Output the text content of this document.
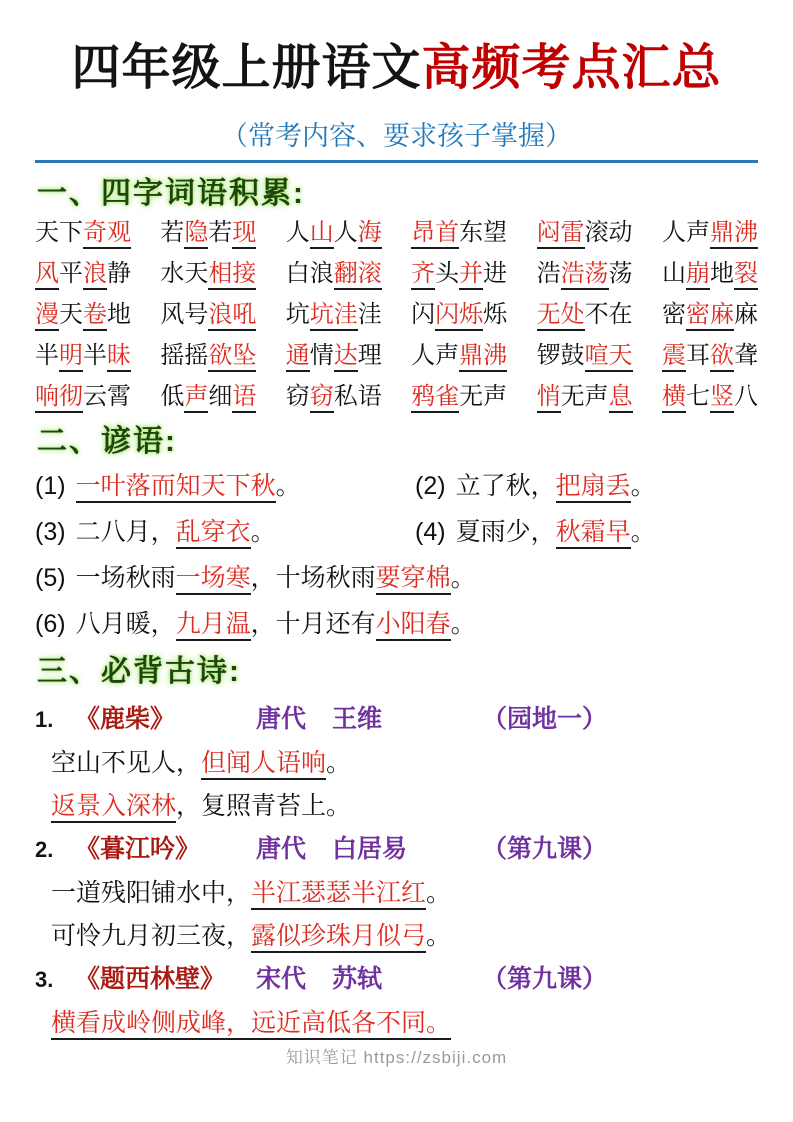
四年级上册语文高频考点汇总
（常考内容、要求孩子掌握）
一、四字词语积累:
天下奇观 若隐若现 人山人海 昂首东望 闷雷滚动 人声鼎沸
风平浪静 水天相接 白浪翻滚 齐头并进 浩浩荡荡 山崩地裂
漫天卷地 风号浪吼 坑坑洼洼 闪闪烁烁 无处不在 密密麻麻
半明半昧 摇摇欲坠 通情达理 人声鼎沸 锣鼓喧天 震耳欲聋
响彻云霄 低声细语 窃窃私语 鸦雀无声 悄无声息 横七竖八
二、谚语:
(1) 一叶落而知天下秋。	(2) 立了秋，把扇丢。
(3) 二八月，乱穿衣。	(4) 夏雨少，秋霜早。
(5) 一场秋雨一场寒，十场秋雨要穿棉。
(6) 八月暖，九月温，十月还有小阳春。
三、必背古诗:
1. 《鹿柴》	唐代	王维	（园地一）
空山不见人，但闻人语响。
返景入深林，复照青苔上。
2. 《暮江吟》	唐代	白居易	（第九课）
一道残阳铺水中，半江瑟瑟半江红。
可怜九月初三夜，露似珍珠月似弓。
3. 《题西林壁》	宋代	苏轼	（第九课）
横看成岭侧成峰，远近高低各不同。
知识笔记 https://zsbiji.com
